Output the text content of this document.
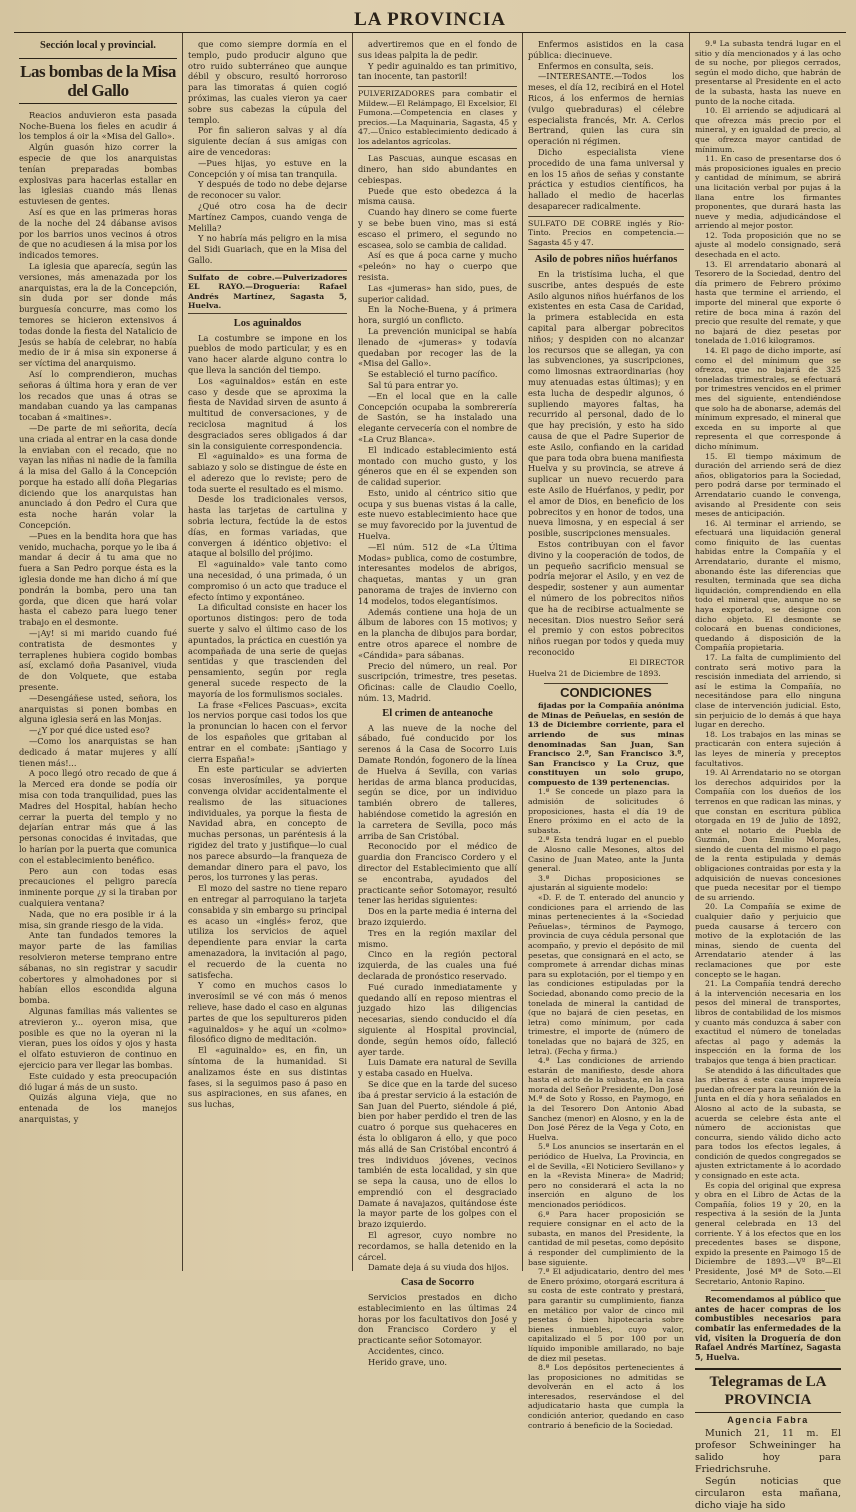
LA PROVINCIA
Sección local y provincial.
Las bombas de la Misa del Gallo

Reacios anduvieron esta pasada Noche-Buena los fieles en acudir á los templos á oir la «Misa del Gallo».

Algún guasón hizo correr la especie de que los anarquistas tenían preparadas bombas explosivas para hacerlas estallar en las iglesias cuando más llenas estuviesen de gentes.

Así es que en las primeras horas de la noche del 24 dábanse avisos por los barrios unos vecinos á otros de que no acudiesen á la misa por los indicados temores.

La iglesia que aparecía, según las versiones, más amenazada por los anarquistas, era la de la Concepción, sin duda por ser donde más burguesía concurre, mas como los temores se hicieron extensivos á todas donde la fiesta del Natalicio de Jesús se había de celebrar, no había medio de ir á misa sin exponerse á ser víctima del anarquismo.

Así lo comprendieron, muchas señoras á última hora y eran de ver los recados que unas á otras se mandaban cuando ya las campanas tocaban á «maitines».

—De parte de mi señorita, decía una criada al entrar en la casa donde la enviaban con el recado, que no vayan las niñas ni nadie de la familia á la misa del Gallo á la Concepción porque ha estado allí doña Plegarias diciendo que los anarquistas han anunciado á don Pedro el Cura que esta noche harán volar la Concepción.

—Pues en la bendita hora que has venido, muchacha, porque yo le iba á mandar á decir á tu ama que no fuera a San Pedro porque ésta es la iglesia donde me han dicho á mí que pondrán la bomba, pero una tan gorda, que dicen que hará volar hasta el cabezo para luego tener trabajo en el desmonte.

—¡Ay! si mi marido cuando fué contratista de desmontes y terraplenes hubiera cogido bombas así, exclamó doña Pasanivel, viuda de don Volquete, que estaba presente.

—Desengáñese usted, señora, los anarquistas si ponen bombas en alguna iglesia será en las Monjas.

—¿Y por qué dice usted eso?

—Como los anarquistas se han dedicado á matar mujeres y allí tienen más!...

A poco llegó otro recado de que á la Merced era donde se podía oir misa con toda tranquilidad, pues las Madres del Hospital, habían hecho cerrar la puerta del templo y no dejarían entrar más que á las personas conocidas é invitadas, que lo harían por la puerta que comunica con el establecimiento benéfico.

Pero aun con todas esas precauciones el peligro parecía inminente porque ¿y si la tiraban por cualquiera ventana?

Nada, que no era posible ir á la misa, sin grande riesgo de la vida.

Ante tan fundados temores la mayor parte de las familias resolvieron meterse temprano entre sábanas, no sin registrar y sacudir cobertores y almohadones por si habían ellos escondida alguna bomba.

Algunas familias más valientes se atrevieron y... oyeron misa, que posible es que no la oyeran ni la vieran, pues los oídos y ojos y hasta el olfato estuvieron de continuo en ejercicio para ver llegar las bombas.

Este cuidado y esta preocupación dió lugar á más de un susto.

Quizás alguna vieja, que no entenada de los manejos anarquistas, y

que como siempre dormía en el templo, pudo producir alguno que otro ruido subterráneo que aunque débil y obscuro, resultó horroroso para las timoratas á quien cogió próximas, las cuales vieron ya caer sobre sus cabezas la cúpula del templo.

Por fin salieron salvas y al día siguiente decían á sus amigas con aire de vencedoras:

—Pues hijas, yo estuve en la Concepción y oí misa tan tranquila.

Y después de todo no debe dejarse de reconocer su valor.

¿Qué otro cosa ha de decir Martínez Campos, cuando venga de Melilla?

Y no habría más peligro en la misa del Sidi Guariach, que en la Misa del Gallo.

Sulfato de cobre.—Pulverizadores EL RAYO.—Droguería: Rafael Andrés Martínez, Sagasta 5, Huelva.
Los aguinaldos

La costumbre se impone en los pueblos de modo particular, y es en vano hacer alarde alguno contra lo que lleva la sanción del tiempo.

Los «aguinaldos» están en este caso y desde que se aproxima la fiesta de Navidad sirven de asunto á multitud de conversaciones, y de reciclosa magnitud á los desgraciados seres obligados á dar sin la consiguiente correspondencia.

El «aguinaldo» es una forma de sabiazo y solo se distingue de éste en el aderezo que lo reviste; pero de toda suerte el resultado es el mismo.

Desde los tradicionales versos, hasta las tarjetas de cartulina y sobria lectura, fectúde la de estos días, en formas variadas, que convergen á idéntico objetivo: el ataque al bolsillo del prójimo.

El «aguinaldo» vale tanto como una necesidad, ó una primada, ó un compromiso ó un acto que traduce el efecto íntimo y expontáneo.

La dificultad consiste en hacer los oportunos distingos: pero de toda suerte y salvo el último caso de los apuntados, la práctica en cuestión ya acompañada de una serie de quejas sentidas y que trascienden del pensamiento, según por regla general sucede respecto de la mayoría de los formulismos sociales.

La frase «Felices Pascuas», excita los nervios porque casi todos los que la pronuncian lo hacen con el fervor de los españoles que gritaban al entrar en el combate: ¡Santiago y cierra España!»

En este particular se advierten cosas inverosímiles, ya porque convenga olvidar accidentalmente el realismo de las situaciones individuales, ya porque la fiesta de Navidad abra, en concepto de muchas personas, un paréntesis á la rigidez del trato y justifique—lo cual nos parece absurdo—la franqueza de demandar dinero para el pavo, los peros, los turrones y las peras.

El mozo del sastre no tiene reparo en entregar al parroquiano la tarjeta consabida y sin embargo su principal es acaso un «inglés» feroz, que utiliza los servicios de aquel dependiente para enviar la carta amenazadora, la invitación al pago, el recuerdo de la cuenta no satisfecha.

Y como en muchos casos lo inverosímil se vé con más ó menos relieve, hase dado el caso en algunas partes de que los sepultureros piden «aguinaldos» y he aquí un «colmo» filosófico digno de meditación.

El «aguinaldo» es, en fin, un síntoma de la humanidad. Si analizamos éste en sus distintas fases, si la seguimos paso á paso en sus aspiraciones, en sus afanes, en sus luchas,

advertiremos que en el fondo de sus ideas palpita la de pedir.

Y pedir aguinaldo es tan primitivo, tan inocente, tan pastoril!

PULVERIZADORES para combatir el Mildew.—El Relámpago, El Excelsior, El Fumona.—Competencia en clases y precios.—La Maquinaria, Sagasta, 45 y 47.—Único establecimiento dedicado á los adelantos agrícolas.

Las Pascuas, aunque escasas en dinero, han sido abundantes en cebiespas.

Puede que esto obedezca á la misma causa.

Cuando hay dinero se come fuerte y se bebe buen vino, mas si está escaso el primero, el segundo no escasea, solo se cambia de calidad.

Así es que á poca carne y mucho «peleón» no hay o cuerpo que resista.

Las «jumeras» han sido, pues, de superior calidad.

En la Noche-Buena, y á primera hora, surgió un conflicto.

La prevención municipal se había llenado de «jumeras» y todavía quedaban por recoger las de la «Misa del Gallo».

Se estableció el turno pacífico.

Sal tú para entrar yo.

—En el local que en la calle Concepción ocupaba la sombrerería de Sastón, se ha instalado una elegante cervecería con el nombre de «La Cruz Blanca».

El indicado establecimiento está montado con mucho gusto, y los géneros que en él se expenden son de calidad superior.

Esto, unido al céntrico sitio que ocupa y sus buenas vistas á la calle, este nuevo establecimiento hace que se muy favorecido por la juventud de Huelva.

—El núm. 512 de «La Última Modas» publica, como de costumbre, interesantes modelos de abrigos, chaquetas, mantas y un gran panorama de trajes de invierno con 14 modelos, todos elegantísimos.

Además contiene una hoja de un álbum de labores con 15 motivos; y en la plancha de dibujos para bordar, entre otros aparece el nombre de «Cándida» para sábanas.

Precio del número, un real. Por suscripción, trimestre, tres pesetas. Oficinas: calle de Claudio Coello, núm. 13, Madrid.

El crimen de anteanoche

A las nueve de la noche del sábado, fué conducido por los serenos á la Casa de Socorro Luis Damate Rondón, fogonero de la línea de Huelva á Sevilla, con varias heridas de arma blanca producidas, según se dice, por un individuo también obrero de talleres, habiéndose cometido la agresión en la carretera de Sevilla, poco más arriba de San Cristóbal.

Reconocido por el médico de guardia don Francisco Cordero y el director del Establecimiento que allí se encontraba, ayudados del practicante señor Sotomayor, resultó tener las heridas siguientes:

Dos en la parte media é interna del brazo izquierdo.

Tres en la región maxilar del mismo.

Cinco en la región pectoral izquierda, de las cuales una fué declarada de pronóstico reservado.

Fué curado inmediatamente y quedando allí en reposo mientras el juzgado hizo las diligencias necesarias, siendo conducido el día siguiente al Hospital provincial, donde, según hemos oído, falleció ayer tarde.

Luis Damate era natural de Sevilla y estaba casado en Huelva.

Se dice que en la tarde del suceso iba á prestar servicio á la estación de San Juan del Puerto, siéndole á pié, bien por haber perdido el tren de las cuatro ó porque sus quehaceres en ésta lo obligaron á ello, y que poco más allá de San Cristóbal encontró á tres individuos jóvenes, vecinos también de esta localidad, y sin que se sepa la causa, uno de ellos lo emprendió con el desgraciado Damate á navajazos, quitándose éste la mayor parte de los golpes con el brazo izquierdo.

El agresor, cuyo nombre no recordamos, se halla detenido en la cárcel.

Damate deja á su viuda dos hijos.

Casa de Socorro

Servicios prestados en dicho establecimiento en las últimas 24 horas por los facultativos don José y don Francisco Cordero y el practicante señor Sotomayor.

Accidentes, cinco.

Herido grave, uno.

Enfermos asistidos en la casa pública: diecinueve.

Enfermos en consulta, seis.

—INTERESANTE.—Todos los meses, el día 12, recibirá en el Hotel Ricos, á los enfermos de hernias (vulgo quebraduras) el célebre especialista francés, Mr. A. Cerlos Bertrand, quien las cura sin operación ni régimen.

Dicho especialista viene procedido de una fama universal y en los 15 años de señas y constante práctica y estudios científicos, ha hallado el medio de hacerlas desaparecer radicalmente.

SULFATO DE COBRE inglés y Río-Tinto. Precios en competencia.—Sagasta 45 y 47.
Asilo de pobres niños huérfanos

En la tristísima lucha, el que suscribe, antes después de este Asilo algunos niños huérfanos de los existentes en esta Casa de Caridad, la primera establecida en esta capital para albergar pobrecitos niños; y despiden con no alcanzar los recursos que se allegan, ya con las subvenciones, ya suscripciones, como limosnas extraordinarias (hoy muy atenuadas estas últimas); y en esta lucha de despedir algunos, ó supliendo mayores faltas, ha recurrido al personal, dado de lo que hay precisión, y esto ha sido causa de que el Padre Superior de este Asilo, confiando en la caridad que para toda obra buena manifiesta Huelva y su provincia, se atreve á suplicar un nuevo recuerdo para este Asilo de Huérfanos, y pedir, por el amor de Dios, en beneficio de los pobrecitos y en honor de todos, una nueva limosna, y en especial á ser posible, suscripciones mensuales.

Estos contribuyan con el favor divino y la cooperación de todos, de un pequeño sacrificio mensual se podría mejorar el Asilo, y en vez de despedir, sostener y aun aumentar el número de los pobrecitos niños que ha de recibirse actualmente se necesitan. Dios nuestro Señor será el premio y con estos pobrecitos niños ruegan por todos y queda muy reconocido

El DIRECTOR
Huelva 21 de Diciembre de 1893.
CONDICIONES

fijadas por la Compañía anónima de Minas de Peñuelas, en sesión de 13 de Diciembre corriente, para el arriendo de sus minas denominadas San Juan, San Francisco 2.º, San Francisco 3.º, San Francisco y La Cruz, que constituyen un solo grupo, compuesto de 139 pertenencias.

1.ª Se concede un plazo para la admisión de solicitudes ó proposiciones, hasta el día 19 de Enero próximo en el acto de la subasta.

2.ª Esta tendrá lugar en el pueblo de Alosno calle Mesones, altos del Casino de Juan Mateo, ante la Junta general.

3.ª Dichas proposiciones se ajustarán al siguiente modelo:

«D. F. de T. enterado del anuncio y condiciones para el arriendo de las minas pertenecientes á la «Sociedad Peñuelas», términos de Paymogo, provincia de cuya cédula personal que acompaño, y previo el depósito de mil pesetas, que consignará en el acto, se compromete á arrendar dichas minas para su explotación, por el tiempo y en las condiciones estipuladas por la Sociedad, abonando como precio de la tonelada de mineral la cantidad de (que no bajará de cien pesetas, en letra) como mínimum, por cada trimestre, el importe de (número de toneladas que no bajará de 325, en letra). (Fecha y firma.)

4.ª Las condiciones de arriendo estarán de manifiesto, desde ahora hasta el acto de la subasta, en la casa morada del Señor Presidente, Don José M.ª de Soto y Rosso, en Paymogo, en la del Tesorero Don Antonio Abad Sanchez (menor) en Alosno, y en la de Don José Pérez de la Vega y Coto, en Huelva.

5.ª Los anuncios se insertarán en el periódico de Huelva, La Provincia, en el de Sevilla, «El Noticiero Sevillano» y en la «Revista Minera» de Madrid; pero no considerará el acta la no inserción en alguno de los mencionados periódicos.

6.ª Para hacer proposición se requiere consignar en el acto de la subasta, en manos del Presidente, la cantidad de mil pesetas, como depósito á responder del cumplimiento de la base siguiente.

7.ª El adjudicatario, dentro del mes de Enero próximo, otorgará escritura á su costa de este contrato y prestará, para garantir su cumplimiento, fianza en metálico por valor de cinco mil pesetas ó bien hipotecaria sobre bienes inmuebles, cuyo valor, capitalizado el 5 por 100 por un líquido imponible amillarado, no baje de diez mil pesetas.

8.ª Los depósitos pertenecientes á las proposiciones no admitidas se devolverán en el acto á los interesados, reservándose el del adjudicatario hasta que cumpla la condición anterior, quedando en caso contrario á beneficio de la Sociedad.

9.ª La subasta tendrá lugar en el sitio y día mencionados y á las ocho de su noche, por pliegos cerrados, según el modo dicho, que habrán de presentarse al Presidente en el acto de la subasta, hasta las nueve en punto de la noche citada.

10. El arriendo se adjudicará al que ofrezca más precio por el mineral, y en igualdad de precio, al que ofrezca mayor cantidad de mínimum.

11. En caso de presentarse dos ó más proposiciones iguales en precio y cantidad de mínimum, se abrirá una licitación verbal por pujas á la llana entre los firmantes proponentes, que durará hasta las nueve y media, adjudicándose el arriendo al mejor postor.

12. Toda proposición que no se ajuste al modelo consignado, será desechada en el acto.

13. El arrendatario abonará al Tesorero de la Sociedad, dentro del día primero de Febrero próximo hasta que termine el arriendo, el importe del mineral que exporte ó retire de boca mina á razón del precio que resulte del remate, y que no bajará de diez pesetas por tonelada de 1.016 kilogramos.

14. El pago de dicho importe, así como el del mínimum que se ofrezca, que no bajará de 325 toneladas trimestrales, se efectuará por trimestres vencidos en el primer mes del siguiente, entendiéndose que solo ha de abonarse, además del mínimum expresado, el mineral que exceda en su importe al que representa el que corresponde á dicho mínimum.

15. El tiempo máximum de duración del arriendo será de diez años, obligatorios para la Sociedad, pero podrá darse por terminado el Arrendatario cuando le convenga, avisando al Presidente con seis meses de anticipación.

16. Al terminar el arriendo, se efectuará una liquidación general como finiquito de las cuentas habidas entre la Compañía y el Arrendatario, durante el mismo, abonando éste las diferencias que resulten, terminada que sea dicha liquidación, comprendiendo en ella todo el mineral que, aunque no se haya exportado, se designe con dicho objeto. El desmonte se colocará en buenas condiciones, quedando á disposición de la Compañía propietaria.

17. La falta de cumplimiento del contrato será motivo para la rescisión inmediata del arriendo, si así le estima la Compañía, no necesitándose para ello ninguna clase de intervención judicial. Esto, sin perjuicio de lo demás á que haya lugar en derecho.

18. Los trabajos en las minas se practicarán con entera sujeción á las leyes de minería y preceptos facultativos.

19. Al Arrendatario no se otorgan los derechos adquiridos por la Compañía con los dueños de los terrenos en que radican las minas, y que constan en escritura pública otorgada en 19 de Julio de 1892, ante el notario de Puebla de Guzmán, Don Emilio Morales, siendo de cuenta del mismo el pago de la renta estipulada y demás obligaciones contraidas por esta y la adquisición de nuevas concesiones que pueda necesitar por el tiempo de su arriendo.

20. La Compañía se exime de cualquier daño y perjuicio que pueda causarse á tercero con motivo de la explotación de las minas, siendo de cuenta del Arrendatario atender á las reclamaciones que por este concepto se le hagan.

21. La Compañía tendrá derecho á la intervención necesaria en los pesos del mineral de transportes, libros de contabilidad de los mismos y cuanto más conduzca á saber con exactitud el número de toneladas afectas al pago y además la inspección en la forma de los trabajos que tenga á bien practicar.

Se atendido á las dificultades que las riberas á este causa impreveía puedan ofrecer para la reunión de la Junta en el día y hora señalados en Alosno al acto de la subasta, se acuerda se celebre ésta ante el número de accionistas que concurra, siendo válido dicho acto para todos los efectos legales, á condición de quedos congregados se ajusten extrictamente á lo acordado y consignado en este acta.

Es copia del original que expresa y obra en el Libro de Actas de la Compañía, folios 19 y 20, en la respectiva á la sesión de la Junta general celebrada en 13 del corriente. Y á los efectos que en los precedentes bases se dispone, expido la presente en Paimogo 15 de Diciembre de 1893.—Vº Bº—El Presidente, José Mª de Soto.—El Secretario, Antonio Rapino.

Recomendamos al público que antes de hacer compras de los combustibles necesarios para combatir las enfermedades de la vid, visiten la Droguería de don Rafael Andrés Martínez, Sagasta 5, Huelva.

Telegramas de LA PROVINCIA
Agencia Fabra

Munich 21, 11 m. El profesor Schweininger ha salido hoy para Friedrichsruhe.

Según noticias que circularon esta mañana, dicho viaje ha sido
